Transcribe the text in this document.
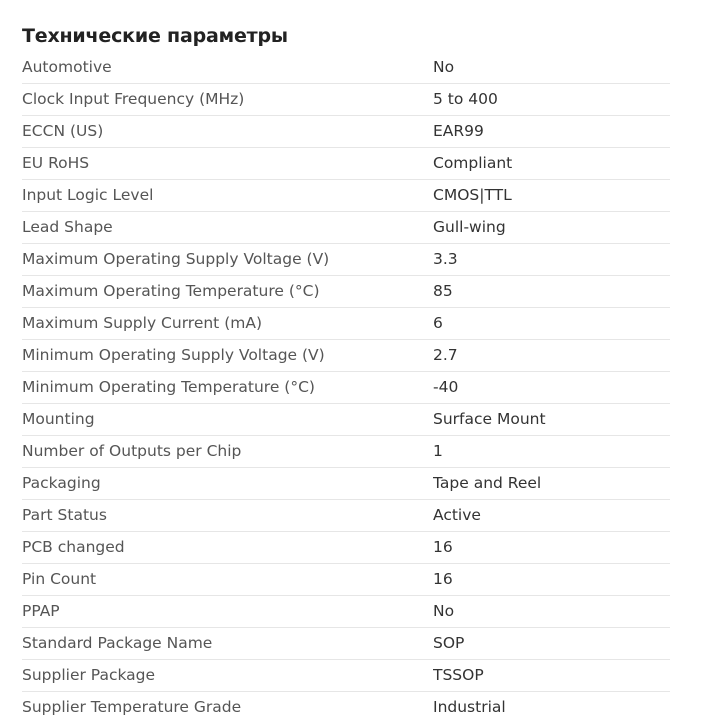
Технические параметры
Automotive	No
Clock Input Frequency (MHz)	5 to 400
ECCN (US)	EAR99
EU RoHS	Compliant
Input Logic Level	CMOS|TTL
Lead Shape	Gull-wing
Maximum Operating Supply Voltage (V)	3.3
Maximum Operating Temperature (°C)	85
Maximum Supply Current (mA)	6
Minimum Operating Supply Voltage (V)	2.7
Minimum Operating Temperature (°C)	-40
Mounting	Surface Mount
Number of Outputs per Chip	1
Packaging	Tape and Reel
Part Status	Active
PCB changed	16
Pin Count	16
PPAP	No
Standard Package Name	SOP
Supplier Package	TSSOP
Supplier Temperature Grade	Industrial
